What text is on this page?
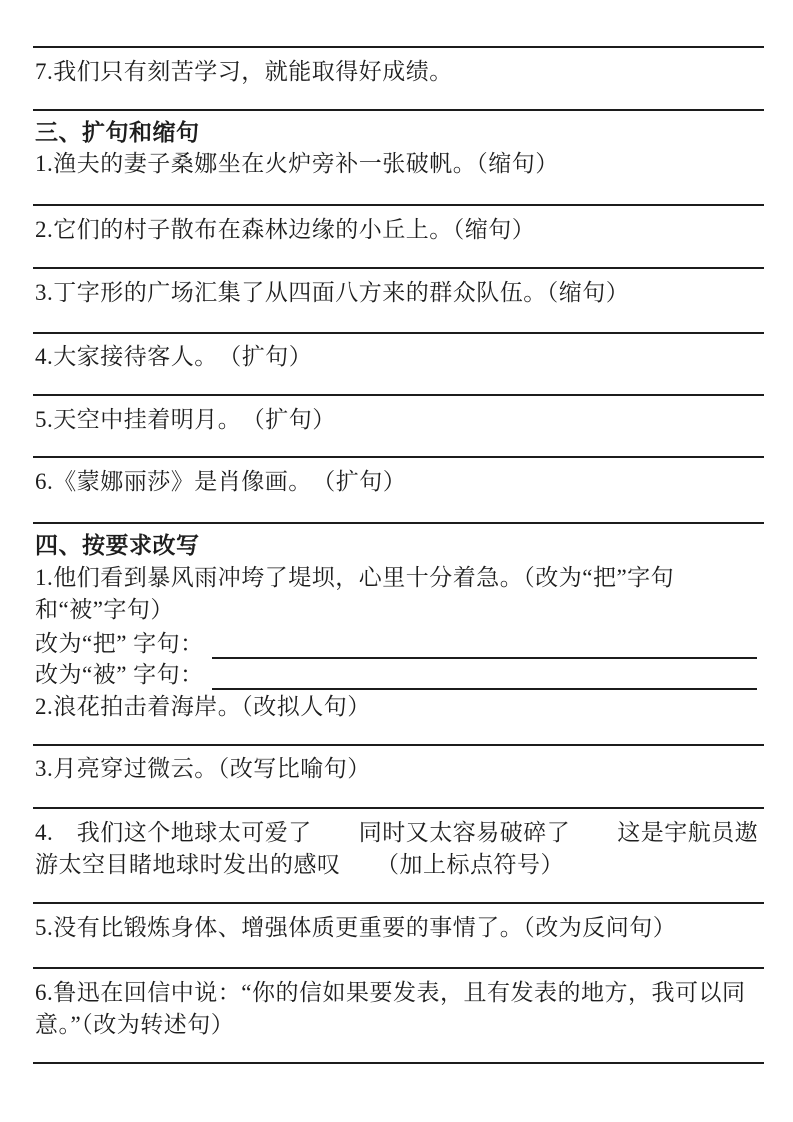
7.我们只有刻苦学习，就能取得好成绩。
三、扩句和缩句
1.渔夫的妻子桑娜坐在火炉旁补一张破帆。（缩句）
2.它们的村子散布在森林边缘的小丘上。（缩句）
3.丁字形的广场汇集了从四面八方来的群众队伍。（缩句）
4.大家接待客人。　（扩句）
5.天空中挂着明月。　（扩句）
6.《蒙娜丽莎》是肖像画。　（扩句）
四、按要求改写
1.他们看到暴风雨冲垮了堤坝，心里十分着急。（改为“把”字句和“被”字句）
改为“把” 字句：
改为“被” 字句：
2.浪花拍击着海岸。（改拟人句）
3.月亮穿过微云。（改写比喻句）
4.　我们这个地球太可爱了　　同时又太容易破碎了　　这是宇航员遨游太空目睹地球时发出的感叹　　（加上标点符号）
5.没有比锻炼身体、增强体质更重要的事情了。（改为反问句）
6.鲁迅在回信中说：“你的信如果要发表，且有发表的地方，我可以同意。”（改为转述句）
